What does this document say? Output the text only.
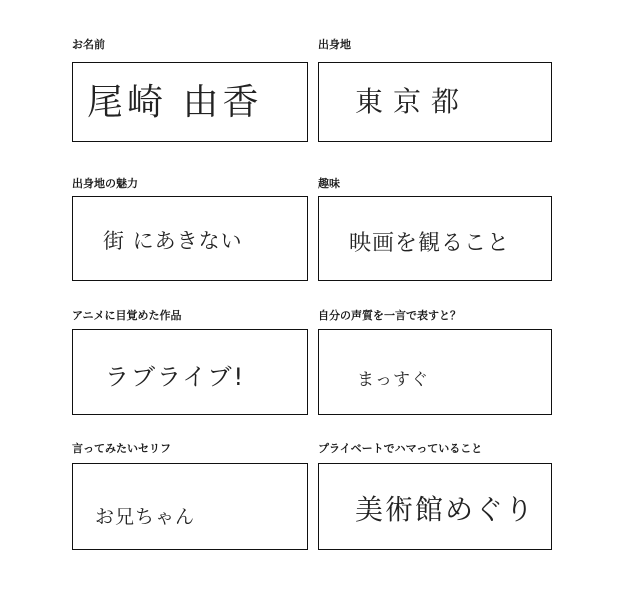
お名前
尾崎 由香
出身地
東京都
出身地の魅力
街 にあきない
趣味
映画を観ること
アニメに目覚めた作品
ラブライブ!
自分の声質を一言で表すと？
まっすぐ
言ってみたいセリフ
お兄ちゃん
プライベートでハマっていること
美術館めぐり
